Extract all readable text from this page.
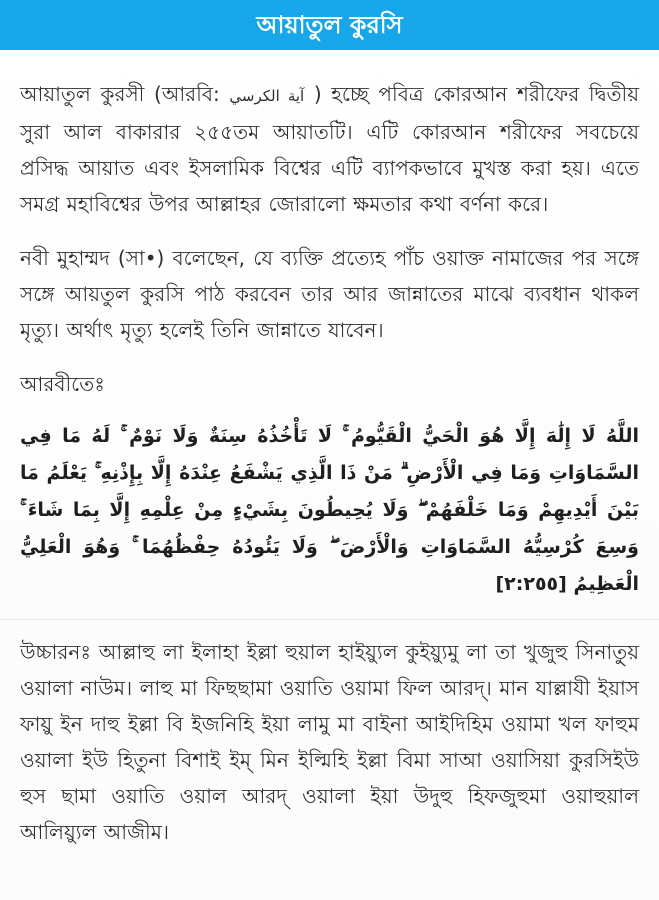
আয়াতুল কুরসি

আয়াতুল কুরসী (আরবি: آية الكرسي ) হচ্ছে পবিত্র কোরআন শরীফের দ্বিতীয় সুরা আল বাকারার ২৫৫তম আয়াতটি। এটি কোরআন শরীফের সবচেয়ে প্রসিদ্ধ আয়াত এবং ইসলামিক বিশ্বের এটি ব্যাপকভাবে মুখস্ত করা হয়। এতে সমগ্র মহাবিশ্বের উপর আল্লাহর জোরালো ক্ষমতার কথা বর্ণনা করে।

নবী মুহাম্মদ (সা•) বলেছেন, যে ব্যক্তি প্রত্যেহ পাঁচ ওয়াক্ত নামাজের পর সঙ্গে সঙ্গে আয়তুল কুরসি পাঠ করবেন তার আর জান্নাতের মাঝে ব্যবধান থাকল মৃত্যু। অর্থাৎ মৃত্যু হলেই তিনি জান্নাতে যাবেন।

আরবীতেঃ

اللَّهُ لَا إِلَٰهَ إِلَّا هُوَ الْحَيُّ الْقَيُّومُ ۚ لَا تَأْخُذُهُ سِنَةٌ وَلَا نَوْمٌ ۚ لَهُ مَا فِي السَّمَاوَاتِ وَمَا فِي الْأَرْضِ ۗ مَنْ ذَا الَّذِي يَشْفَعُ عِنْدَهُ إِلَّا بِإِذْنِهِ ۚ يَعْلَمُ مَا بَيْنَ أَيْدِيهِمْ وَمَا خَلْفَهُمْ ۖ وَلَا يُحِيطُونَ بِشَيْءٍ مِنْ عِلْمِهِ إِلَّا بِمَا شَاءَ ۚ وَسِعَ كُرْسِيُّهُ السَّمَاوَاتِ وَالْأَرْضَ ۖ وَلَا يَئُودُهُ حِفْظُهُمَا ۚ وَهُوَ الْعَلِيُّ الْعَظِيمُ [٢:٢٥٥]

উচ্চারনঃ আল্লাহু লা ইলাহা ইল্লা হুয়াল হাইয়্যুল কুইয়্যুমু লা তা খুজুহু সিনাতু্য় ওয়ালা নাউম। লাহু মা ফিছছামা ওয়াতি ওয়ামা ফিল আরদ্। মান যাল্লাযী ইয়াস ফায়ু ইন দাহু ইল্লা বি ইজনিহি ইয়া লামু মা বাইনা আইদিহিম ওয়ামা খল ফাহুম ওয়ালা ইউ হিতুনা বিশাই ইম্ মিন ইল্মিহি ইল্লা বিমা সাআ ওয়াসিয়া কুরসিইউ হুস ছামা ওয়াতি ওয়াল আরদ্ ওয়ালা ইয়া উদুহু হিফজুহুমা ওয়াহুয়াল আলিয়্যুল আজীম।
